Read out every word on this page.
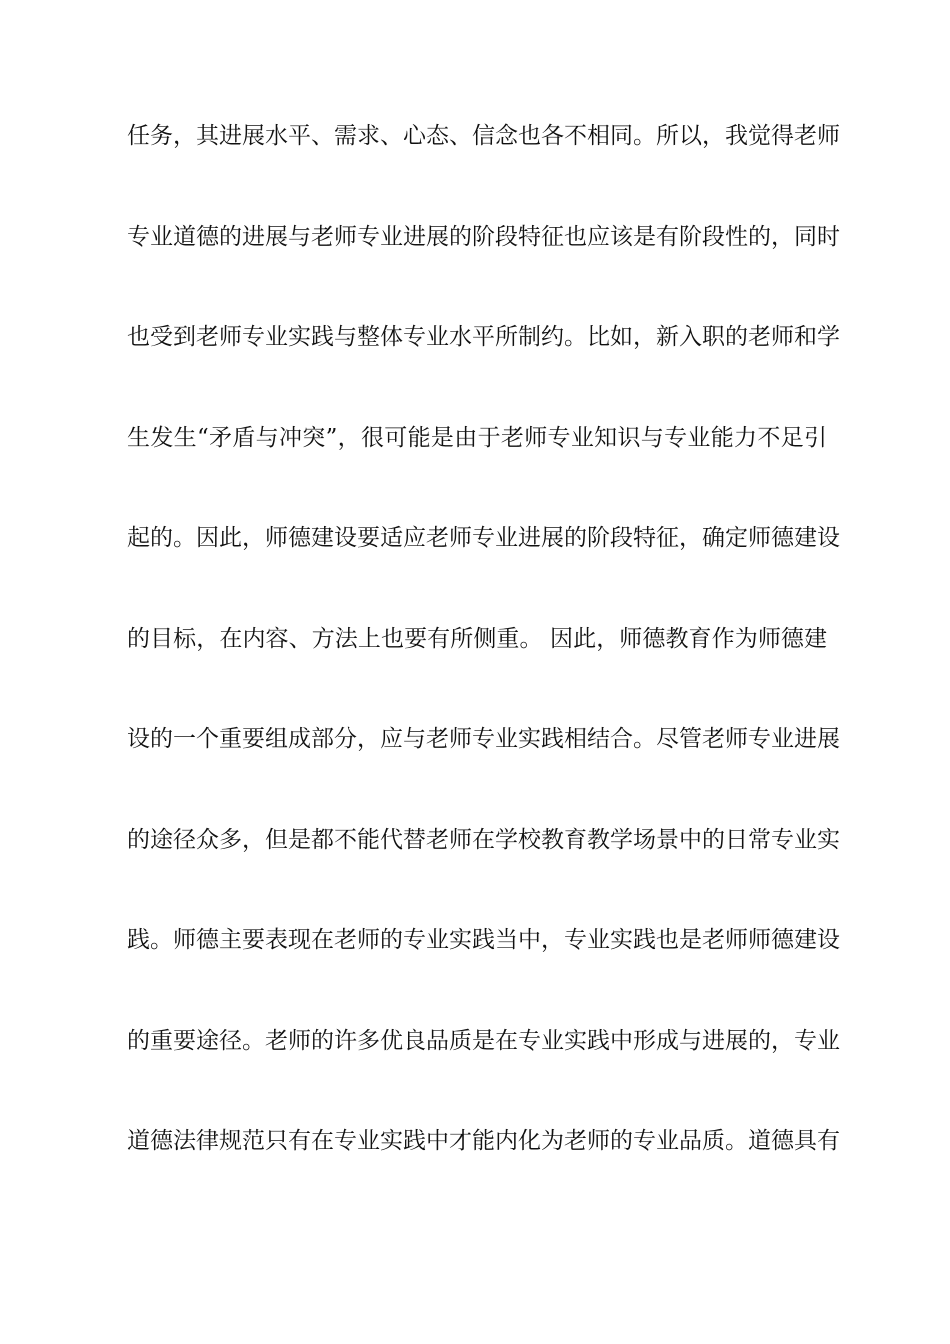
任务，其进展水平、需求、心态、信念也各不相同。所以，我觉得老师
专业道德的进展与老师专业进展的阶段特征也应该是有阶段性的，同时
也受到老师专业实践与整体专业水平所制约。比如，新入职的老师和学
生发生“矛盾与冲突”，很可能是由于老师专业知识与专业能力不足引
起的。因此，师德建设要适应老师专业进展的阶段特征，确定师德建设
的目标，在内容、方法上也要有所侧重。 因此，师德教育作为师德建
设的一个重要组成部分，应与老师专业实践相结合。尽管老师专业进展
的途径众多，但是都不能代替老师在学校教育教学场景中的日常专业实
践。师德主要表现在老师的专业实践当中，专业实践也是老师师德建设
的重要途径。老师的许多优良品质是在专业实践中形成与进展的，专业
道德法律规范只有在专业实践中才能内化为老师的专业品质。道德具有
